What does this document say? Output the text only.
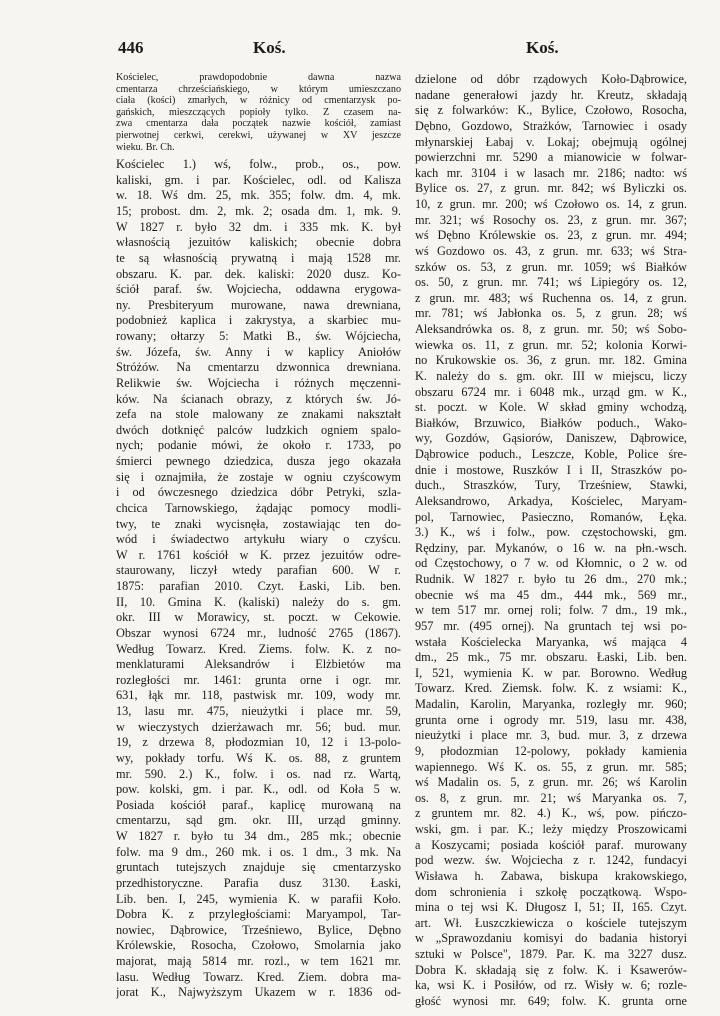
446	Koś.	Koś.
Kościelec, prawdopodobnie dawna nazwa
cmentarza chrześciańskiego, w którym umieszczano
ciała (kości) zmarłych, w różnicy od cmentarzysk po-
gańskich, mieszczących popioły tylko. Z czasem na-
zwa cmentarza dała początek nazwie kościół, zamiast
pierwotnej cerkwi, cerekwi, używanej w XV jeszcze
wieku. Br. Ch.
Kościelec 1.) wś, folw., prob., os., pow.
kaliski, gm. i par. Kościelec, odl. od Kalisza
w. 18. Wś dm. 25, mk. 355; folw. dm. 4, mk.
15; probost. dm. 2, mk. 2; osada dm. 1, mk. 9.
W 1827 r. było 32 dm. i 335 mk. K. był
własnością jezuitów kaliskich; obecnie dobra
te są własnością prywatną i mają 1528 mr.
obszaru. K. par. dek. kaliski: 2020 dusz. Ko-
ściół paraf. św. Wojciecha, oddawna erygowa-
ny. Presbiteryum murowane, nawa drewniana,
podobnież kaplica i zakrystya, a skarbiec mu-
rowany; ołtarzy 5: Matki B., św. Wójciecha,
św. Józefa, św. Anny i w kaplicy Aniołów
Stróżów. Na cmentarzu dzwonnica drewniana.
Relikwie św. Wojciecha i różnych męczenni-
ków. Na ścianach obrazy, z których św. Jó-
zefa na stole malowany ze znakami nakształt
dwóch dotknięć palców ludzkich ogniem spalo-
nych; podanie mówi, że około r. 1733, po
śmierci pewnego dziedzica, dusza jego okazała
się i oznajmiła, że zostaje w ogniu czyścowym
i od ówczesnego dziedzica dóbr Petryki, szla-
chcica Tarnowskiego, żądając pomocy modli-
twy, te znaki wycisnęła, zostawiając ten do-
wód i świadectwo artykułu wiary o czyścu.
W r. 1761 kościół w K. przez jezuitów odre-
staurowany, liczył wtedy parafian 600. W r.
1875: parafian 2010. Czyt. Łaski, Lib. ben.
II, 10. Gmina K. (kaliski) należy do s. gm.
okr. III w Morawicy, st. poczt. w Cekowie.
Obszar wynosi 6724 mr., ludność 2765 (1867).
Według Towarz. Kred. Ziems. folw. K. z no-
menklaturami Aleksandrów i Elżbietów ma
rozległości mr. 1461: grunta orne i ogr. mr.
631, łąk mr. 118, pastwisk mr. 109, wody mr.
13, lasu mr. 475, nieużytki i place mr. 59,
w wieczystych dzierżawach mr. 56; bud. mur.
19, z drzewa 8, płodozmian 10, 12 i 13-polo-
wy, pokłady torfu. Wś K. os. 88, z gruntem
mr. 590. 2.) K., folw. i os. nad rz. Wartą,
pow. kolski, gm. i par. K., odl. od Koła 5 w.
Posiada kościół paraf., kaplicę murowaną na
cmentarzu, sąd gm. okr. III, urząd gminny.
W 1827 r. było tu 34 dm., 285 mk.; obecnie
folw. ma 9 dm., 260 mk. i os. 1 dm., 3 mk. Na
gruntach tutejszych znajduje się cmentarzysko
przedhistoryczne. Parafia dusz 3130. Łaski,
Lib. ben. I, 245, wymienia K. w parafii Koło.
Dobra K. z przyległościami: Maryampol, Tar-
nowiec, Dąbrowice, Trześniewo, Bylice, Dębno
Królewskie, Rosocha, Czołowo, Smolarnia jako
majorat, mają 5814 mr. rozl., w tem 1621 mr.
lasu. Według Towarz. Kred. Ziem. dobra ma-
jorat K., Najwyższym Ukazem w r. 1836 od-
dzielone od dóbr rządowych Koło-Dąbrowice,
nadane generałowi jazdy hr. Kreutz, składają
się z folwarków: K., Bylice, Czołowo, Rosocha,
Dębno, Gozdowo, Strażków, Tarnowiec i osady
młynarskiej Łabaj v. Lokaj; obejmują ogólnej
powierzchni mr. 5290 a mianowicie w folwar-
kach mr. 3104 i w lasach mr. 2186; nadto: wś
Bylice os. 27, z grun. mr. 842; wś Byliczki os.
10, z grun. mr. 200; wś Czołowo os. 14, z grun.
mr. 321; wś Rosochy os. 23, z grun. mr. 367;
wś Dębno Królewskie os. 23, z grun. mr. 494;
wś Gozdowo os. 43, z grun. mr. 633; wś Stra-
szków os. 53, z grun. mr. 1059; wś Białków
os. 50, z grun. mr. 741; wś Lipiegóry os. 12,
z grun. mr. 483; wś Ruchenna os. 14, z grun.
mr. 781; wś Jabłonka os. 5, z grun. 28; wś
Aleksandrówka os. 8, z grun. mr. 50; wś Sobo-
wiewka os. 11, z grun. mr. 52; kolonia Korwi-
no Krukowskie os. 36, z grun. mr. 182. Gmina
K. należy do s. gm. okr. III w miejscu, liczy
obszaru 6724 mr. i 6048 mk., urząd gm. w K.,
st. poczt. w Kole. W skład gminy wchodzą,
Białków, Brzuwico, Białków poduch., Wako-
wy, Gozdów, Gąsiorów, Daniszew, Dąbrowice,
Dąbrowice poduch., Leszcze, Koble, Police śre-
dnie i mostowe, Ruszków I i II, Straszków po-
duch., Straszków, Tury, Trześniew, Stawki,
Aleksandrowo, Arkadya, Kościelec, Maryam-
pol, Tarnowiec, Pasieczno, Romanów, Łęka.
3.) K., wś i folw., pow. częstochowski, gm.
Rędziny, par. Mykanów, o 16 w. na płn.-wsch.
od Częstochowy, o 7 w. od Kłomnic, o 2 w. od
Rudnik. W 1827 r. było tu 26 dm., 270 mk.;
obecnie wś ma 45 dm., 444 mk., 569 mr.,
w tem 517 mr. ornej roli; folw. 7 dm., 19 mk.,
957 mr. (495 ornej). Na gruntach tej wsi po-
wstała Kościelecka Maryanka, wś mająca 4
dm., 25 mk., 75 mr. obszaru. Łaski, Lib. ben.
I, 521, wymienia K. w par. Borowno. Według
Towarz. Kred. Ziemsk. folw. K. z wsiami: K.,
Madalin, Karolin, Maryanka, rozległy mr. 960;
grunta orne i ogrody mr. 519, lasu mr. 438,
nieużytki i place mr. 3, bud. mur. 3, z drzewa
9, płodozmian 12-polowy, pokłady kamienia
wapiennego. Wś K. os. 55, z grun. mr. 585;
wś Madalin os. 5, z grun. mr. 26; wś Karolin
os. 8, z grun. mr. 21; wś Maryanka os. 7,
z gruntem mr. 82. 4.) K., wś, pow. pińczo-
wski, gm. i par. K.; leży między Proszowicami
a Koszycami; posiada kościół paraf. murowany
pod wezw. św. Wojciecha z r. 1242, fundacyi
Wisława h. Zabawa, biskupa krakowskiego,
dom schronienia i szkołę początkową. Wspo-
mina o tej wsi K. Długosz I, 51; II, 165. Czyt.
art. Wł. Łuszczkiewicza o kościele tutejszym
w „Sprawozdaniu komisyi do badania historyi
sztuki w Polsce", 1879. Par. K. ma 3227 dusz.
Dobra K. składają się z folw. K. i Ksawerów-
ka, wsi K. i Posiłów, od rz. Wisły w. 6; rozle-
głość wynosi mr. 649; folw. K. grunta orne
